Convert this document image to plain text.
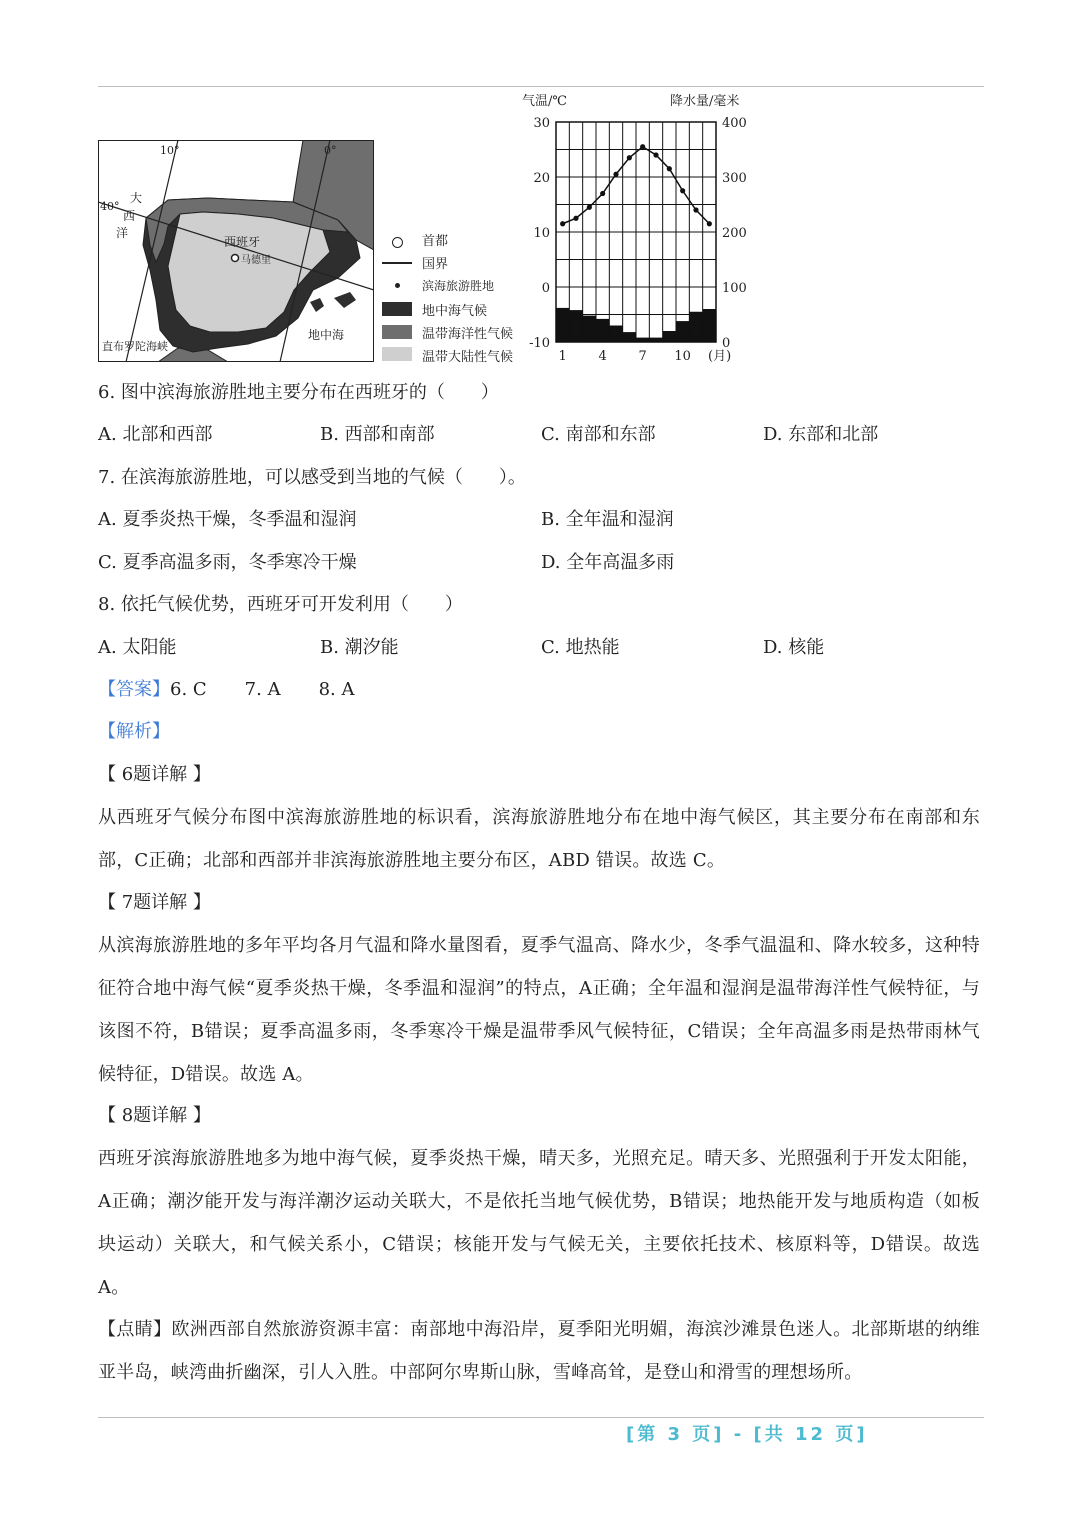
10°	0°
40°
大
西
洋
西班牙
马德里
地中海
直布罗陀海峡
首都
国界
滨海旅游胜地
地中海气候
温带海洋性气候
温带大陆性气候
气温/℃	降水量/毫米
30
20
10
0
-10
400
300
200
100
0
1 4 7 10 (月)
6. 图中滨海旅游胜地主要分布在西班牙的（　　）
A. 北部和西部	B. 西部和南部	C. 南部和东部	D. 东部和北部
7. 在滨海旅游胜地，可以感受到当地的气候（　　）。
A. 夏季炎热干燥，冬季温和湿润	B. 全年温和湿润
C. 夏季高温多雨，冬季寒冷干燥	D. 全年高温多雨
8. 依托气候优势，西班牙可开发利用（　　）
A. 太阳能	B. 潮汐能	C. 地热能	D. 核能
【答案】6. C 7. A 8. A
【解析】
【 6题详解 】
从西班牙气候分布图中滨海旅游胜地的标识看，滨海旅游胜地分布在地中海气候区，其主要分布在南部和东部，C正确；北部和西部并非滨海旅游胜地主要分布区，ABD 错误。故选 C。
【 7题详解 】
从滨海旅游胜地的多年平均各月气温和降水量图看，夏季气温高、降水少，冬季气温温和、降水较多，这种特征符合地中海气候“夏季炎热干燥，冬季温和湿润”的特点，A正确；全年温和湿润是温带海洋性气候特征，与该图不符，B错误；夏季高温多雨，冬季寒冷干燥是温带季风气候特征，C错误；全年高温多雨是热带雨林气候特征，D错误。故选 A。
【 8题详解 】
西班牙滨海旅游胜地多为地中海气候，夏季炎热干燥，晴天多，光照充足。晴天多、光照强利于开发太阳能，A正确；潮汐能开发与海洋潮汐运动关联大，不是依托当地气候优势，B错误；地热能开发与地质构造（如板块运动）关联大，和气候关系小，C错误；核能开发与气候无关，主要依托技术、核原料等，D错误。故选 A。
【点睛】欧洲西部自然旅游资源丰富：南部地中海沿岸，夏季阳光明媚，海滨沙滩景色迷人。北部斯堪的纳维亚半岛，峡湾曲折幽深，引人入胜。中部阿尔卑斯山脉，雪峰高耸，是登山和滑雪的理想场所。
[第 3 页] - [共 12 页]
